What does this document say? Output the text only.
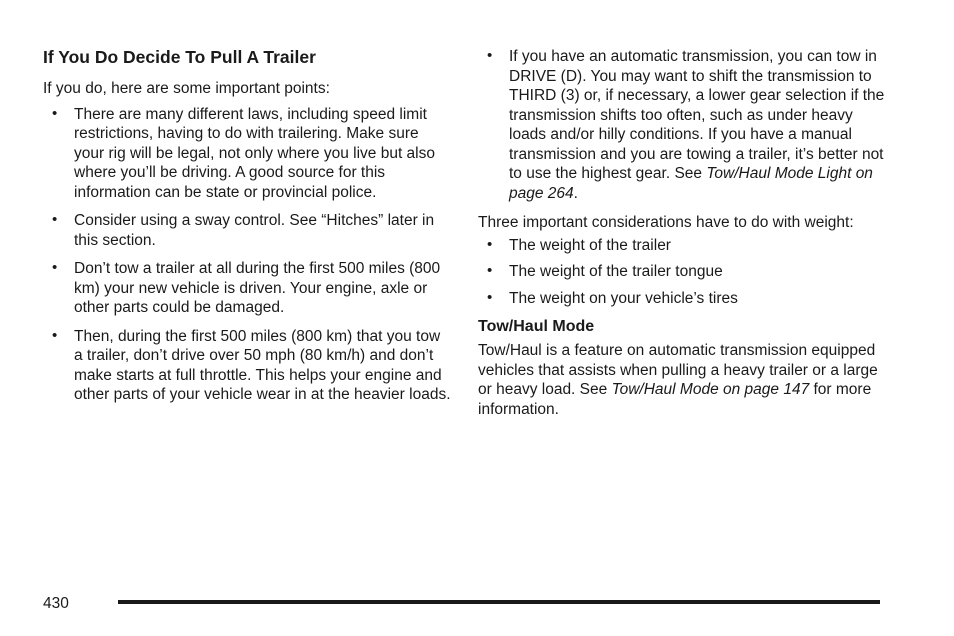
If You Do Decide To Pull A Trailer

If you do, here are some important points:

• There are many different laws, including speed limit restrictions, having to do with trailering. Make sure your rig will be legal, not only where you live but also where you’ll be driving. A good source for this information can be state or provincial police.
• Consider using a sway control. See “Hitches” later in this section.
• Don’t tow a trailer at all during the first 500 miles (800 km) your new vehicle is driven. Your engine, axle or other parts could be damaged.
• Then, during the first 500 miles (800 km) that you tow a trailer, don’t drive over 50 mph (80 km/h) and don’t make starts at full throttle. This helps your engine and other parts of your vehicle wear in at the heavier loads.
• If you have an automatic transmission, you can tow in DRIVE (D). You may want to shift the transmission to THIRD (3) or, if necessary, a lower gear selection if the transmission shifts too often, such as under heavy loads and/or hilly conditions. If you have a manual transmission and you are towing a trailer, it’s better not to use the highest gear. See Tow/Haul Mode Light on page 264.

Three important considerations have to do with weight:

• The weight of the trailer
• The weight of the trailer tongue
• The weight on your vehicle’s tires
Tow/Haul Mode

Tow/Haul is a feature on automatic transmission equipped vehicles that assists when pulling a heavy trailer or a large or heavy load. See Tow/Haul Mode on page 147 for more information.

430
